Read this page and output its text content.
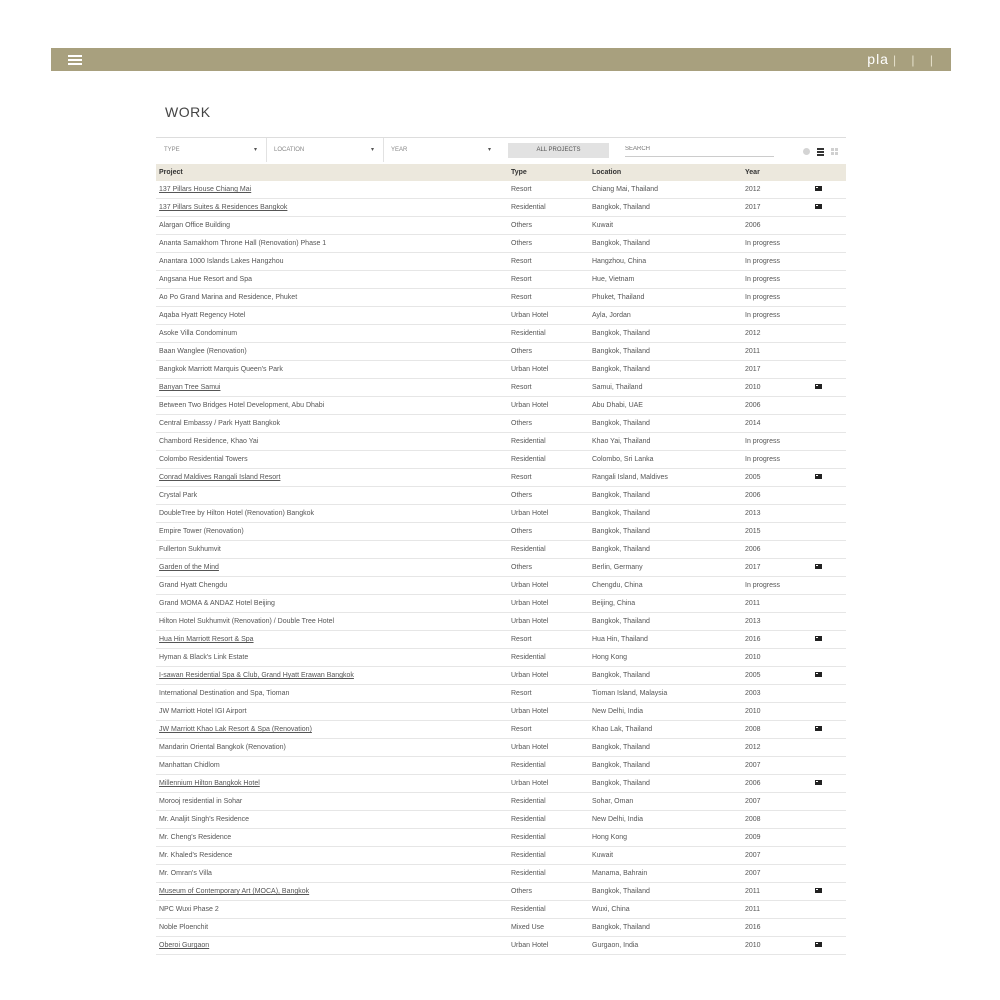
pla | | |
WORK
TYPE	▾	LOCATION	▾	YEAR	▾	ALL PROJECTS
SEARCH
Project	Type	Location	Year	
137 Pillars House Chiang Mai	Resort	Chiang Mai, Thailand	2012	
137 Pillars Suites & Residences Bangkok	Residential	Bangkok, Thailand	2017	
Alargan Office Building	Others	Kuwait	2006	
Ananta Samakhom Throne Hall (Renovation) Phase 1	Others	Bangkok, Thailand	In progress	
Anantara 1000 Islands Lakes Hangzhou	Resort	Hangzhou, China	In progress	
Angsana Hue Resort and Spa	Resort	Hue, Vietnam	In progress	
Ao Po Grand Marina and Residence, Phuket	Resort	Phuket, Thailand	In progress	
Aqaba Hyatt Regency Hotel	Urban Hotel	Ayla, Jordan	In progress	
Asoke Villa Condominum	Residential	Bangkok, Thailand	2012	
Baan Wanglee (Renovation)	Others	Bangkok, Thailand	2011	
Bangkok Marriott Marquis Queen's Park	Urban Hotel	Bangkok, Thailand	2017	
Banyan Tree Samui	Resort	Samui, Thailand	2010	
Between Two Bridges Hotel Development, Abu Dhabi	Urban Hotel	Abu Dhabi, UAE	2006	
Central Embassy / Park Hyatt Bangkok	Others	Bangkok, Thailand	2014	
Chambord Residence, Khao Yai	Residential	Khao Yai, Thailand	In progress	
Colombo Residential Towers	Residential	Colombo, Sri Lanka	In progress	
Conrad Maldives Rangali Island Resort	Resort	Rangali Island, Maldives	2005	
Crystal Park	Others	Bangkok, Thailand	2006	
DoubleTree by Hilton Hotel (Renovation) Bangkok	Urban Hotel	Bangkok, Thailand	2013	
Empire Tower (Renovation)	Others	Bangkok, Thailand	2015	
Fullerton Sukhumvit	Residential	Bangkok, Thailand	2006	
Garden of the Mind	Others	Berlin, Germany	2017	
Grand Hyatt Chengdu	Urban Hotel	Chengdu, China	In progress	
Grand MOMA & ANDAZ Hotel Beijing	Urban Hotel	Beijing, China	2011	
Hilton Hotel Sukhumvit (Renovation) / Double Tree Hotel	Urban Hotel	Bangkok, Thailand	2013	
Hua Hin Marriott Resort & Spa	Resort	Hua Hin, Thailand	2016	
Hyman & Black's Link Estate	Residential	Hong Kong	2010	
I-sawan Residential Spa & Club, Grand Hyatt Erawan Bangkok	Urban Hotel	Bangkok, Thailand	2005	
International Destination and Spa, Tioman	Resort	Tioman Island, Malaysia	2003	
JW Marriott Hotel IGI Airport	Urban Hotel	New Delhi, India	2010	
JW Marriott Khao Lak Resort & Spa (Renovation)	Resort	Khao Lak, Thailand	2008	
Mandarin Oriental Bangkok (Renovation)	Urban Hotel	Bangkok, Thailand	2012	
Manhattan Chidlom	Residential	Bangkok, Thailand	2007	
Millennium Hilton Bangkok Hotel	Urban Hotel	Bangkok, Thailand	2006	
Morooj residential in Sohar	Residential	Sohar, Oman	2007	
Mr. Analjit Singh's Residence	Residential	New Delhi, India	2008	
Mr. Cheng's Residence	Residential	Hong Kong	2009	
Mr. Khaled's Residence	Residential	Kuwait	2007	
Mr. Omran's Villa	Residential	Manama, Bahrain	2007	
Museum of Contemporary Art (MOCA), Bangkok	Others	Bangkok, Thailand	2011	
NPC Wuxi Phase 2	Residential	Wuxi, China	2011	
Noble Ploenchit	Mixed Use	Bangkok, Thailand	2016	
Oberoi Gurgaon	Urban Hotel	Gurgaon, India	2010	
